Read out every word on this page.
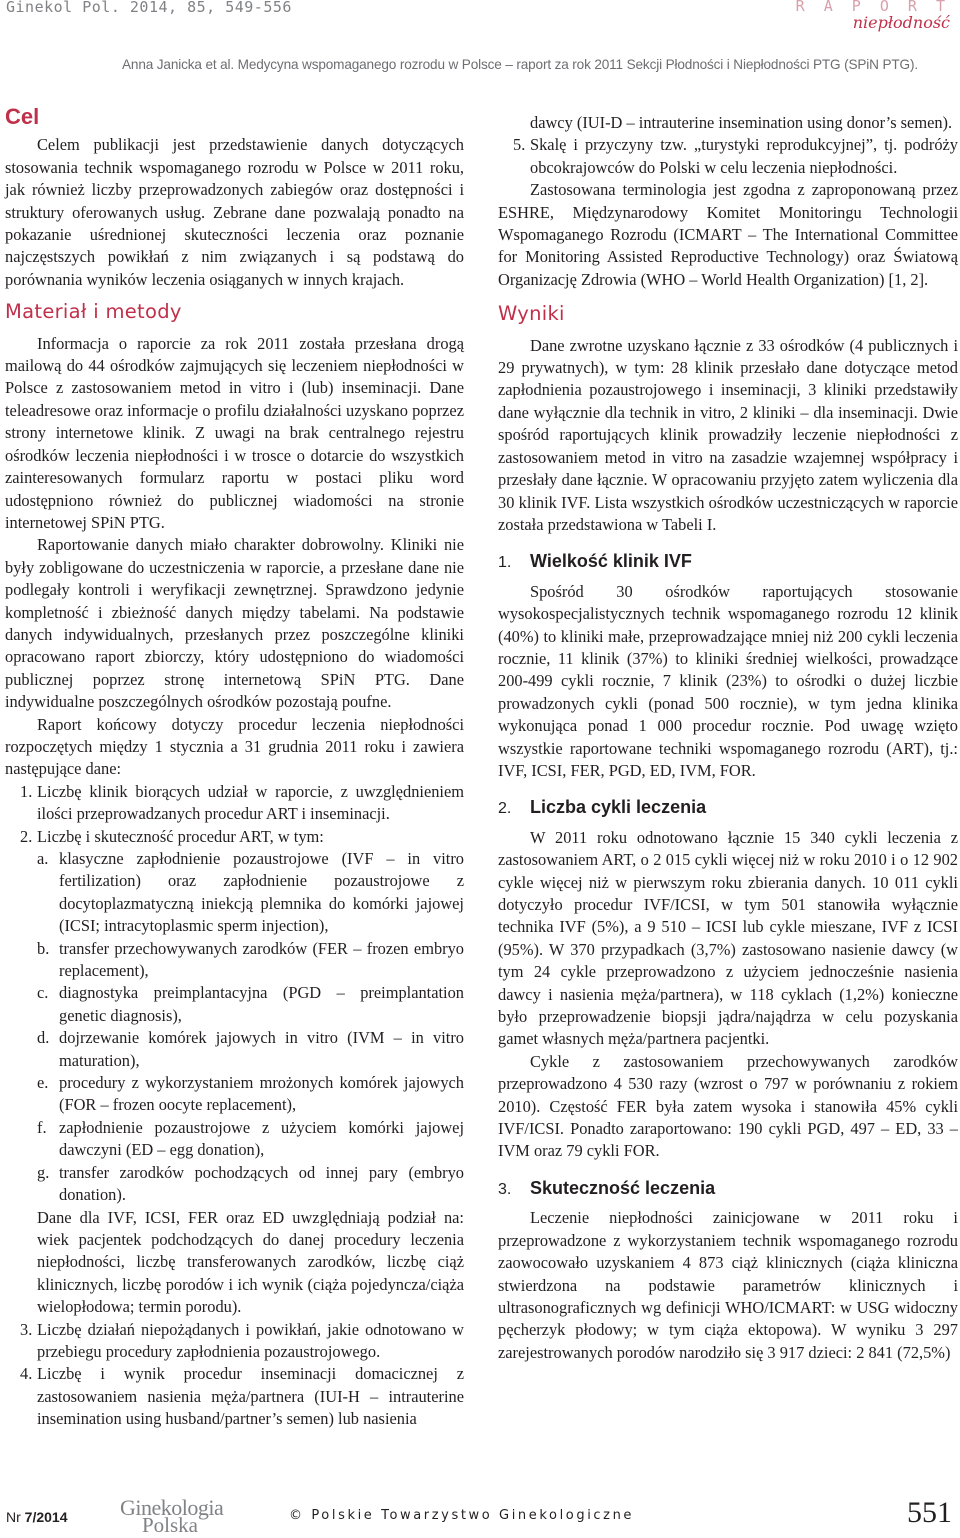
Ginekol Pol. 2014, 85, 549-556	R A P O R T
niepłodność
Anna Janicka et al. Medycyna wspomaganego rozrodu w Polsce – raport za rok 2011 Sekcji Płodności i Niepłodności PTG (SPiN PTG).
Cel

Celem publikacji jest przedstawienie danych dotyczących stosowania technik wspomaganego rozrodu w Polsce w 2011 roku, jak również liczby przeprowadzonych zabiegów oraz dostępności i struktury oferowanych usług. Zebrane dane pozwalają ponadto na pokazanie uśrednionej skuteczności leczenia oraz poznanie najczęstszych powikłań z nim związanych i są podstawą do porównania wyników leczenia osiąganych w innych krajach.

Materiał i metody

Informacja o raporcie za rok 2011 została przesłana drogą mailową do 44 ośrodków zajmujących się leczeniem niepłodności w Polsce z zastosowaniem metod in vitro i (lub) inseminacji. Dane teleadresowe oraz informacje o profilu działalności uzyskano poprzez strony internetowe klinik. Z uwagi na brak centralnego rejestru ośrodków leczenia niepłodności i w trosce o dotarcie do wszystkich zainteresowanych formularz raportu w postaci pliku word udostępniono również do publicznej wiadomości na stronie internetowej SPiN PTG.

Raportowanie danych miało charakter dobrowolny. Kliniki nie były zobligowane do uczestniczenia w raporcie, a przesłane dane nie podlegały kontroli i weryfikacji zewnętrznej. Sprawdzono jedynie kompletność i zbieżność danych między tabelami. Na podstawie danych indywidualnych, przesłanych przez poszczególne kliniki opracowano raport zbiorczy, który udostępniono do wiadomości publicznej poprzez stronę internetową SPiN PTG. Dane indywidualne poszczególnych ośrodków pozostają poufne.

Raport końcowy dotyczy procedur leczenia niepłodności rozpoczętych między 1 stycznia a 31 grudnia 2011 roku i zawiera następujące dane:

1. Liczbę klinik biorących udział w raporcie, z uwzględnieniem ilości przeprowadzanych procedur ART i inseminacji.
2. Liczbę i skuteczność procedur ART, w tym:
a. klasyczne zapłodnienie pozaustrojowe (IVF – in vitro fertilization) oraz zapłodnienie pozaustrojowe z docytoplazmatyczną iniekcją plemnika do komórki jajowej (ICSI; intracytoplasmic sperm injection),
b. transfer przechowywanych zarodków (FER – frozen embryo replacement),
c. diagnostyka preimplantacyjna (PGD – preimplantation genetic diagnosis),
d. dojrzewanie komórek jajowych in vitro (IVM – in vitro maturation),
e. procedury z wykorzystaniem mrożonych komórek jajowych (FOR – frozen oocyte replacement),
f. zapłodnienie pozaustrojowe z użyciem komórki jajowej dawczyni (ED – egg donation),
g. transfer zarodków pochodzących od innej pary (embryo donation).
Dane dla IVF, ICSI, FER oraz ED uwzględniają podział na: wiek pacjentek podchodzących do danej procedury leczenia niepłodności, liczbę transferowanych zarodków, liczbę ciąż klinicznych, liczbę porodów i ich wynik (ciąża pojedyncza/ciąża wielopłodowa; termin porodu).
3. Liczbę działań niepożądanych i powikłań, jakie odnotowano w przebiegu procedury zapłodnienia pozaustrojowego.
4. Liczbę i wynik procedur inseminacji domacicznej z zastosowaniem nasienia męża/partnera (IUI-H – intrauterine insemination using husband/partner’s semen) lub nasienia
dawcy (IUI-D – intrauterine insemination using donor’s semen).
5. Skalę i przyczyny tzw. „turystyki reprodukcyjnej”, tj. podróży obcokrajowców do Polski w celu leczenia niepłodności.

Zastosowana terminologia jest zgodna z zaproponowaną przez ESHRE, Międzynarodowy Komitet Monitoringu Technologii Wspomaganego Rozrodu (ICMART – The International Committee for Monitoring Assisted Reproductive Technology) oraz Światową Organizację Zdrowia (WHO – World Health Organization) [1, 2].

Wyniki

Dane zwrotne uzyskano łącznie z 33 ośrodków (4 publicznych i 29 prywatnych), w tym: 28 klinik przesłało dane dotyczące metod zapłodnienia pozaustrojowego i inseminacji, 3 kliniki przedstawiły dane wyłącznie dla technik in vitro, 2 kliniki – dla inseminacji. Dwie spośród raportujących klinik prowadziły leczenie niepłodności z zastosowaniem metod in vitro na zasadzie wzajemnej współpracy i przesłały dane łącznie. W opracowaniu przyjęto zatem wyliczenia dla 30 klinik IVF. Lista wszystkich ośrodków uczestniczących w raporcie została przedstawiona w Tabeli I.

1. Wielkość klinik IVF

Spośród 30 ośrodków raportujących stosowanie wysokospecjalistycznych technik wspomaganego rozrodu 12 klinik (40%) to kliniki małe, przeprowadzające mniej niż 200 cykli leczenia rocznie, 11 klinik (37%) to kliniki średniej wielkości, prowadzące 200-499 cykli rocznie, 7 klinik (23%) to ośrodki o dużej liczbie prowadzonych cykli (ponad 500 rocznie), w tym jedna klinika wykonująca ponad 1 000 procedur rocznie. Pod uwagę wzięto wszystkie raportowane techniki wspomaganego rozrodu (ART), tj.: IVF, ICSI, FER, PGD, ED, IVM, FOR.

2. Liczba cykli leczenia

W 2011 roku odnotowano łącznie 15 340 cykli leczenia z zastosowaniem ART, o 2 015 cykli więcej niż w roku 2010 i o 12 902 cykle więcej niż w pierwszym roku zbierania danych. 10 011 cykli dotyczyło procedur IVF/ICSI, w tym 501 stanowiła wyłącznie technika IVF (5%), a 9 510 – ICSI lub cykle mieszane, IVF z ICSI (95%). W 370 przypadkach (3,7%) zastosowano nasienie dawcy (w tym 24 cykle przeprowadzono z użyciem jednocześnie nasienia dawcy i nasienia męża/partnera), w 118 cyklach (1,2%) konieczne było przeprowadzenie biopsji jądra/najądrza w celu pozyskania gamet własnych męża/partnera pacjentki.

Cykle z zastosowaniem przechowywanych zarodków przeprowadzono 4 530 razy (wzrost o 797 w porównaniu z rokiem 2010). Częstość FER była zatem wysoka i stanowiła 45% cykli IVF/ICSI. Ponadto zaraportowano: 190 cykli PGD, 497 – ED, 33 – IVM oraz 79 cykli FOR.

3. Skuteczność leczenia

Leczenie niepłodności zainicjowane w 2011 roku i przeprowadzone z wykorzystaniem technik wspomaganego rozrodu zaowocowało uzyskaniem 4 873 ciąż klinicznych (ciąża kliniczna stwierdzona na podstawie parametrów klinicznych i ultrasonograficznych wg definicji WHO/ICMART: w USG widoczny pęcherzyk płodowy; w tym ciąża ektopowa). W wyniku 3 297 zarejestrowanych porodów narodziło się 3 917 dzieci: 2 841 (72,5%)

Nr 7/2014 Ginekologia
Polska	© Polskie Towarzystwo Ginekologiczne	551
